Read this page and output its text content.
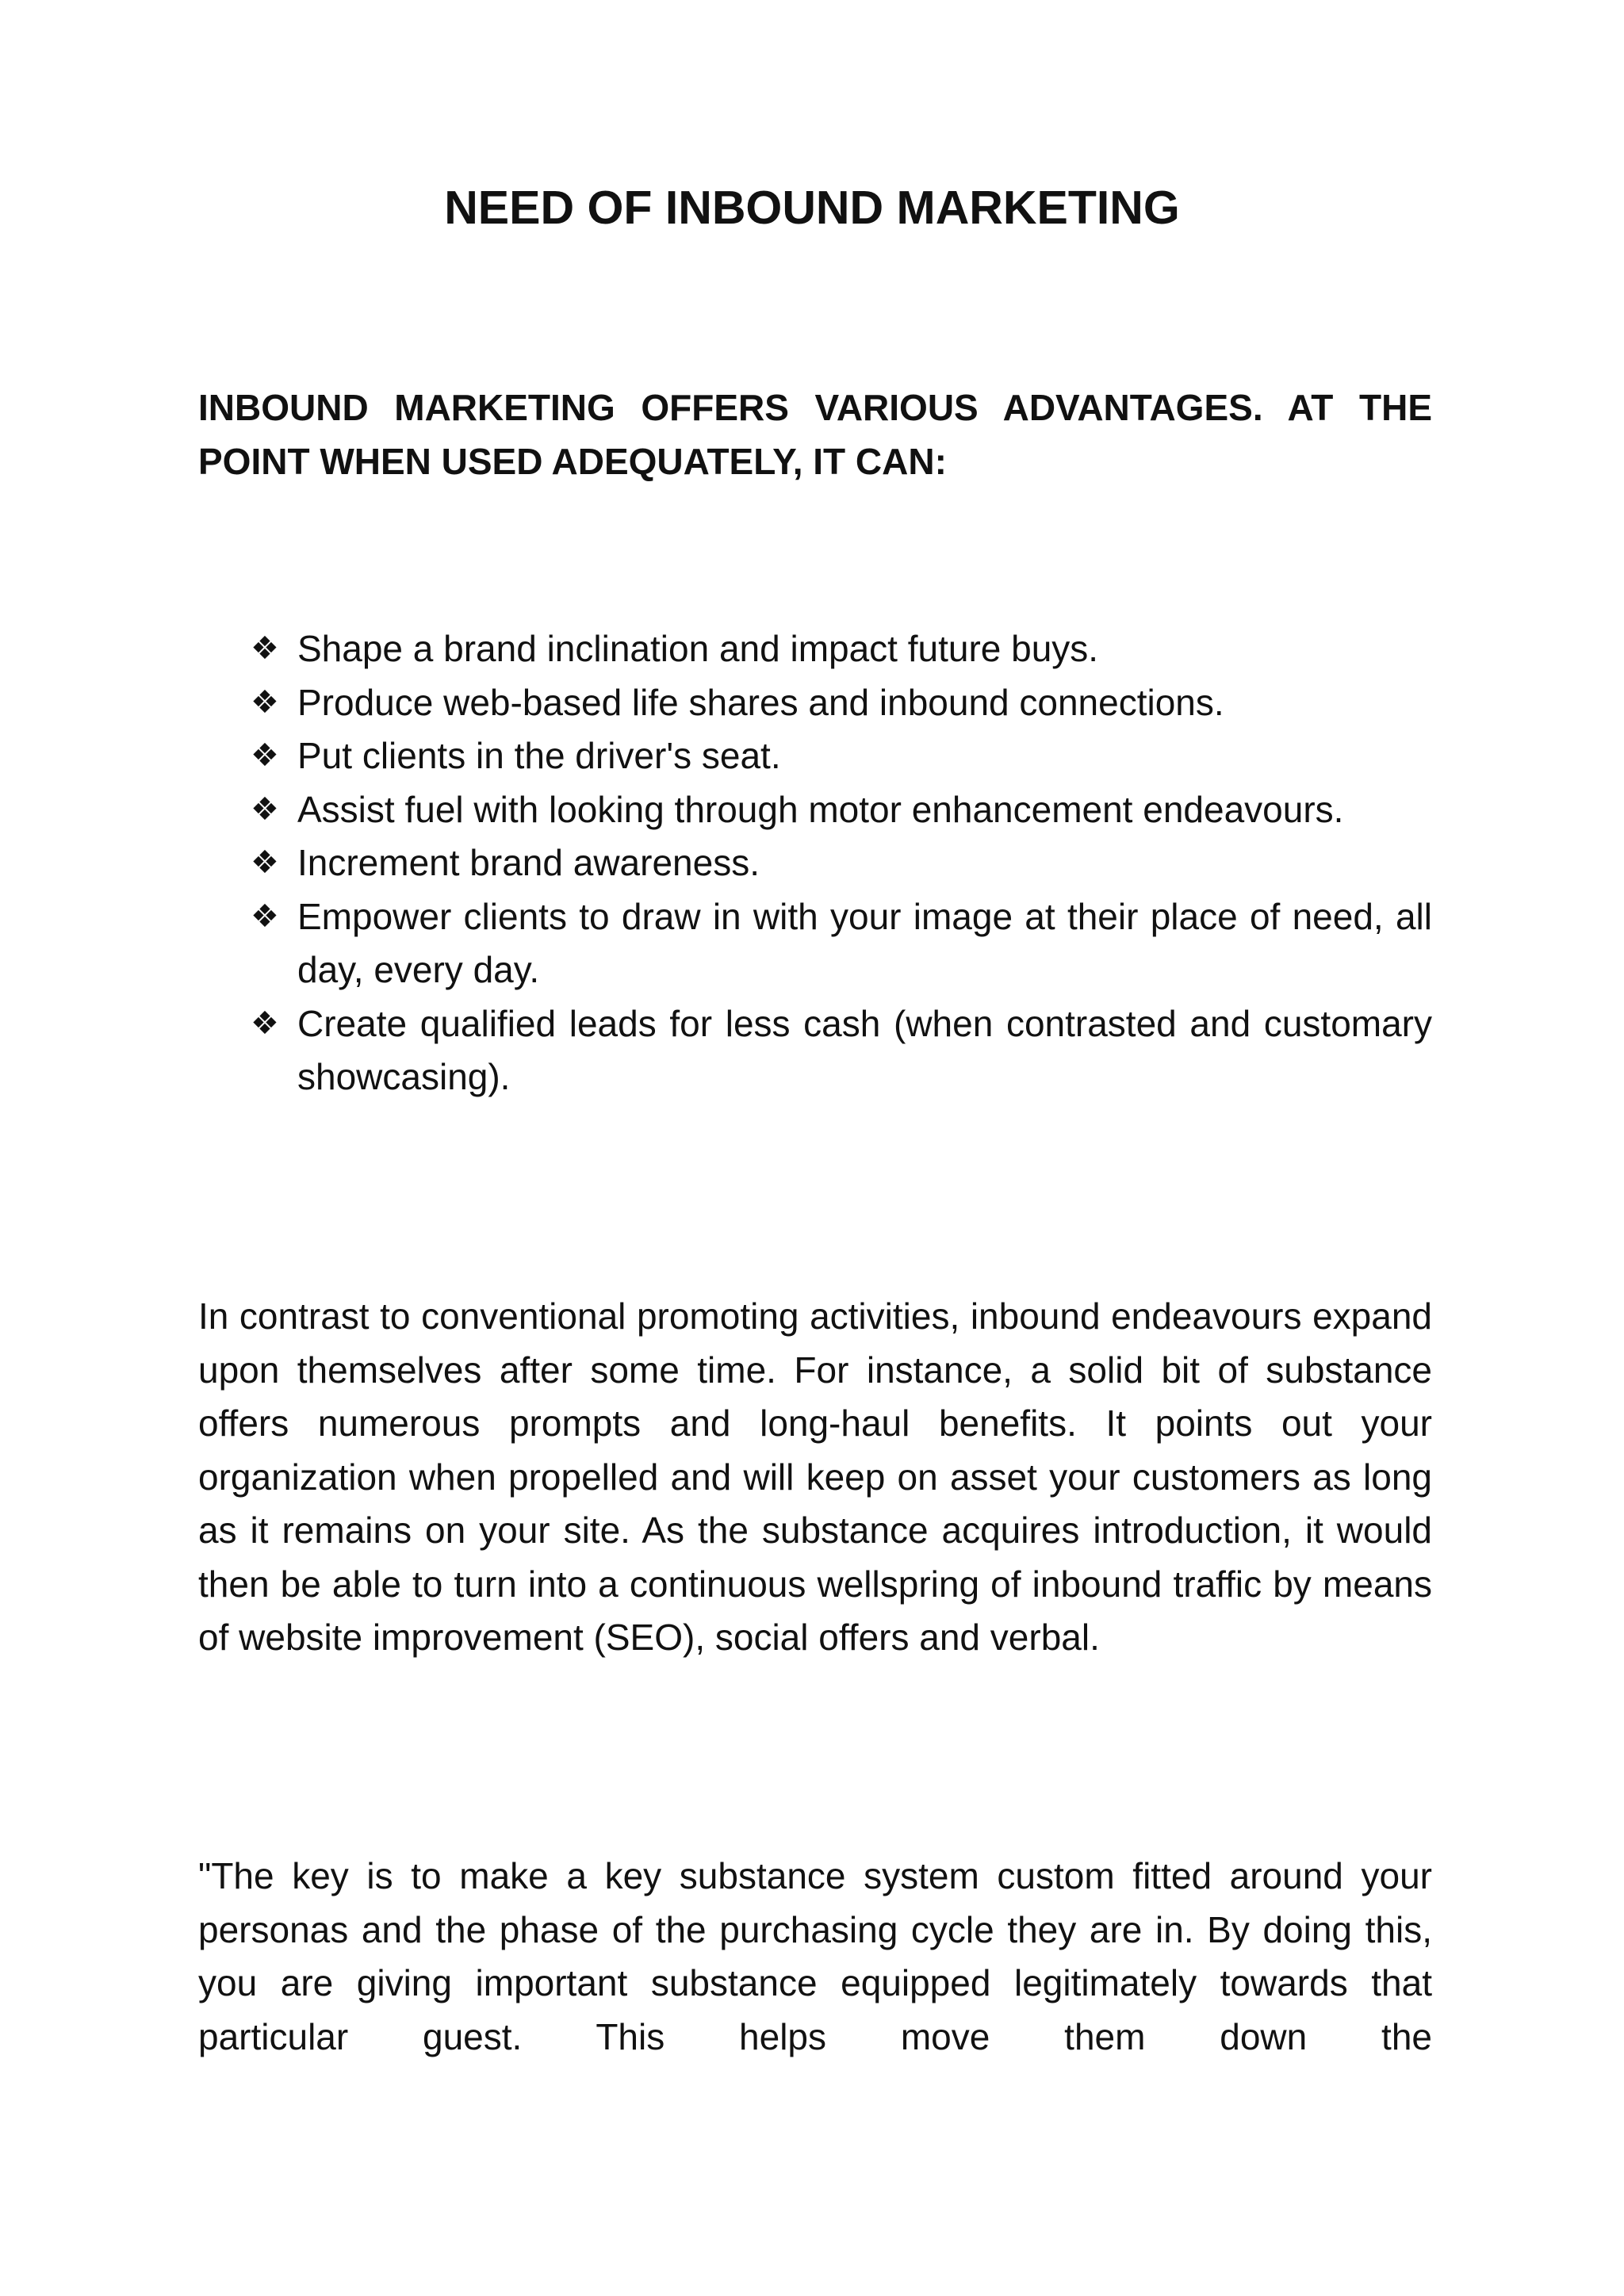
NEED OF INBOUND MARKETING

INBOUND MARKETING OFFERS VARIOUS ADVANTAGES. AT THE POINT WHEN USED ADEQUATELY, IT CAN:

❖ Shape a brand inclination and impact future buys.
❖ Produce web-based life shares and inbound connections.
❖ Put clients in the driver's seat.
❖ Assist fuel with looking through motor enhancement endeavours.
❖ Increment brand awareness.
❖ Empower clients to draw in with your image at their place of need, all day, every day.
❖ Create qualified leads for less cash (when contrasted and customary showcasing).

In contrast to conventional promoting activities, inbound endeavours expand upon themselves after some time. For instance, a solid bit of substance offers numerous prompts and long-haul benefits. It points out your organization when propelled and will keep on asset your customers as long as it remains on your site. As the substance acquires introduction, it would then be able to turn into a continuous wellspring of inbound traffic by means of website improvement (SEO), social offers and verbal.

"The key is to make a key substance system custom fitted around your personas and the phase of the purchasing cycle they are in. By doing this, you are giving important substance equipped legitimately towards that particular guest. This helps move them down the
